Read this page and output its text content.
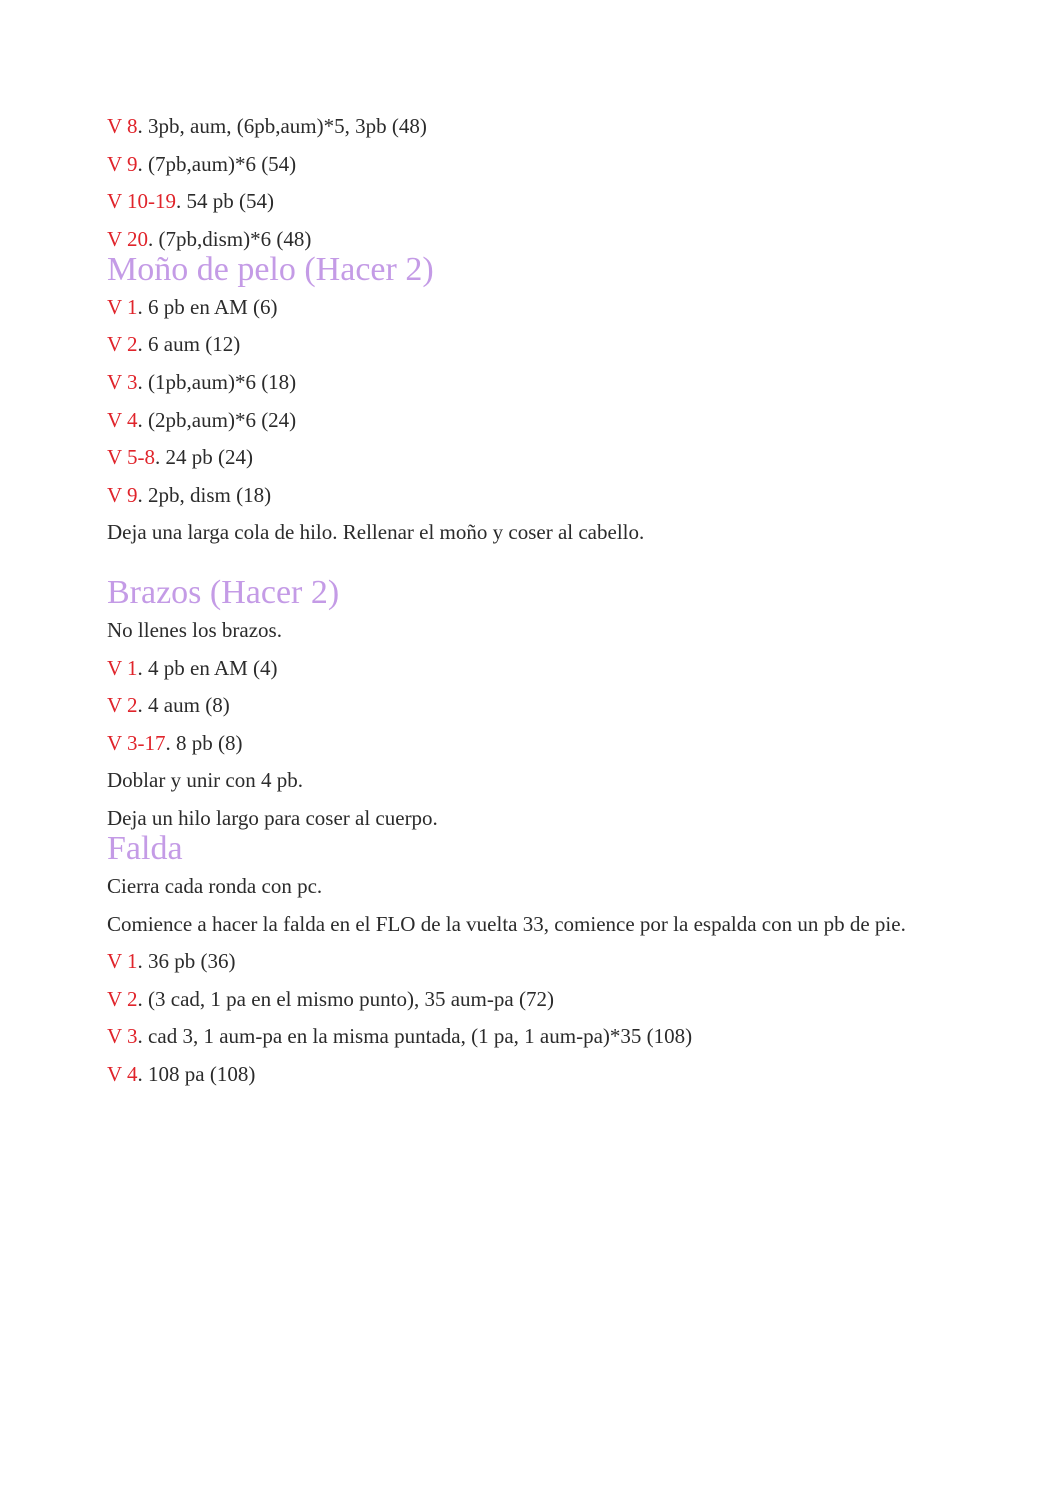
V 8. 3pb, aum, (6pb,aum)*5, 3pb (48)

V 9. (7pb,aum)*6 (54)

V 10-19. 54 pb (54)

V 20. (7pb,dism)*6 (48)

Moño de pelo (Hacer 2)

V 1. 6 pb en AM (6)

V 2. 6 aum (12)

V 3. (1pb,aum)*6 (18)

V 4. (2pb,aum)*6 (24)

V 5-8. 24 pb (24)

V 9. 2pb, dism (18)

Deja una larga cola de hilo. Rellenar el moño y coser al cabello.

Brazos (Hacer 2)

No llenes los brazos.

V 1. 4 pb en AM (4)

V 2. 4 aum (8)

V 3-17. 8 pb (8)

Doblar y unir con 4 pb.

Deja un hilo largo para coser al cuerpo.

Falda

Cierra cada ronda con pc.

Comience a hacer la falda en el FLO de la vuelta 33, comience por la espalda con un pb de pie.

V 1. 36 pb (36)

V 2. (3 cad, 1 pa en el mismo punto), 35 aum-pa (72)

V 3. cad 3, 1 aum-pa en la misma puntada, (1 pa, 1 aum-pa)*35 (108)

V 4. 108 pa (108)
